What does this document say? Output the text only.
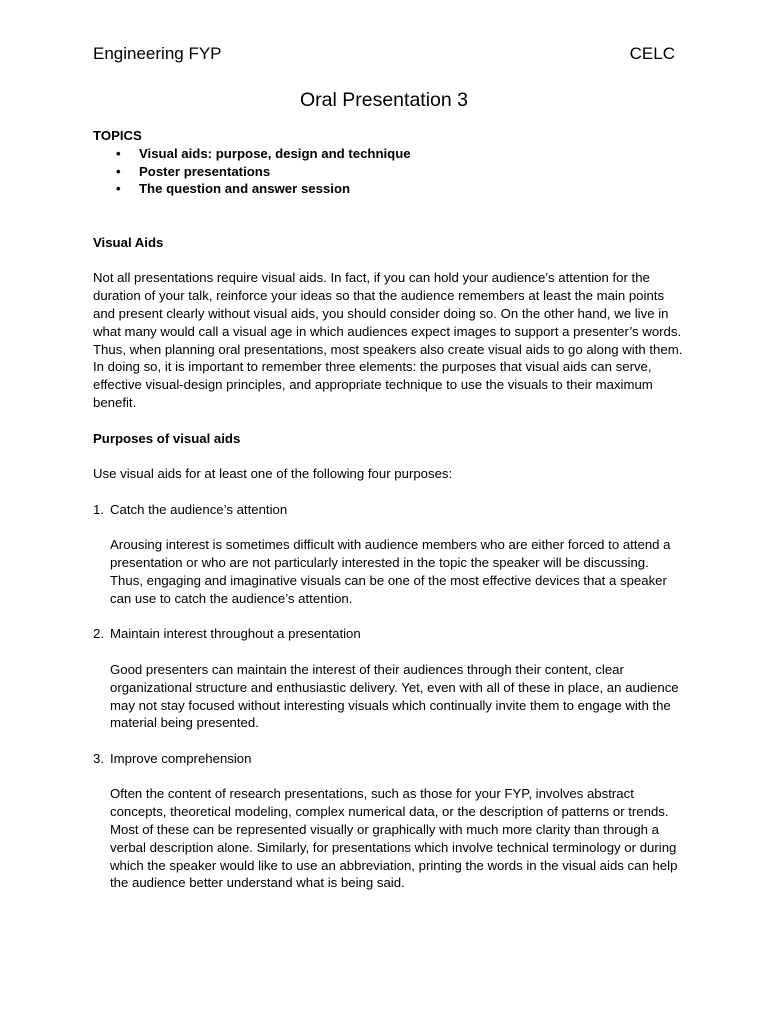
Engineering FYP	CELC
Oral Presentation 3

TOPICS

• Visual aids: purpose, design and technique
• Poster presentations
• The question and answer session

Visual Aids

Not all presentations require visual aids. In fact, if you can hold your audience’s attention for the duration of your talk, reinforce your ideas so that the audience remembers at least the main points and present clearly without visual aids, you should consider doing so. On the other hand, we live in what many would call a visual age in which audiences expect images to support a presenter’s words. Thus, when planning oral presentations, most speakers also create visual aids to go along with them. In doing so, it is important to remember three elements: the purposes that visual aids can serve, effective visual-design principles, and appropriate technique to use the visuals to their maximum benefit.

Purposes of visual aids

Use visual aids for at least one of the following four purposes:

1. Catch the audience’s attention

Arousing interest is sometimes difficult with audience members who are either forced to attend a presentation or who are not particularly interested in the topic the speaker will be discussing. Thus, engaging and imaginative visuals can be one of the most effective devices that a speaker can use to catch the audience’s attention.

2. Maintain interest throughout a presentation

Good presenters can maintain the interest of their audiences through their content, clear organizational structure and enthusiastic delivery. Yet, even with all of these in place, an audience may not stay focused without interesting visuals which continually invite them to engage with the material being presented.

3. Improve comprehension

Often the content of research presentations, such as those for your FYP, involves abstract concepts, theoretical modeling, complex numerical data, or the description of patterns or trends. Most of these can be represented visually or graphically with much more clarity than through a verbal description alone. Similarly, for presentations which involve technical terminology or during which the speaker would like to use an abbreviation, printing the words in the visual aids can help the audience better understand what is being said.
